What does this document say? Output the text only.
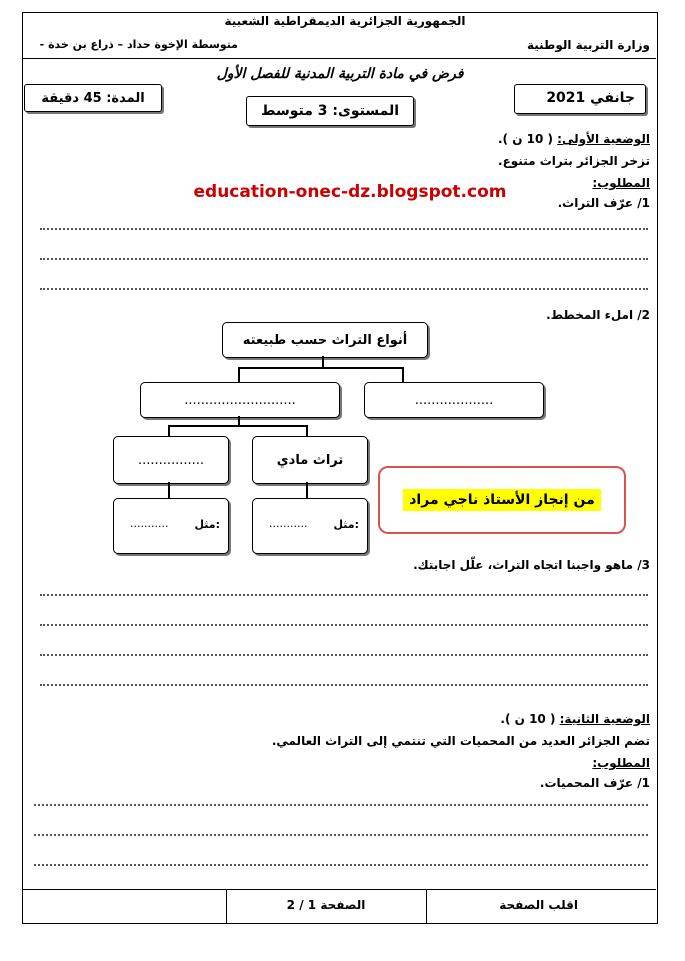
الجمهورية الجزائرية الديمقراطية الشعبية
وزارة التربية الوطنية
متوسطة الإخوة حداد – ذراع بن خدة -
فرض في مادة التربية المدنية للفصل الأول
المدة: 45 دقيقة
المستوى: 3 متوسط
جانفي 2021
الوضعية الأولى: ( 10 ن ).
تزخر الجزائر بتراث متنوع.
المطلوب:
education-onec-dz.blogspot.com
1/ عرّف التراث.
2/ املء المخطط.
أنواع التراث حسب طبيعته
...........................	...................
................	تراث مادي
مثل:
...........	مثل:
...........
من إنجاز الأستاذ ناجي مراد
3/ ماهو واجبنا اتجاه التراث، علّل اجابتك.
الوضعية الثانية: ( 10 ن ).
تضم الجزائر العديد من المحميات التي تنتمي إلى التراث العالمي.
المطلوب:
1/ عرّف المحميات.
اقلب الصفحة
الصفحة 1 / 2
